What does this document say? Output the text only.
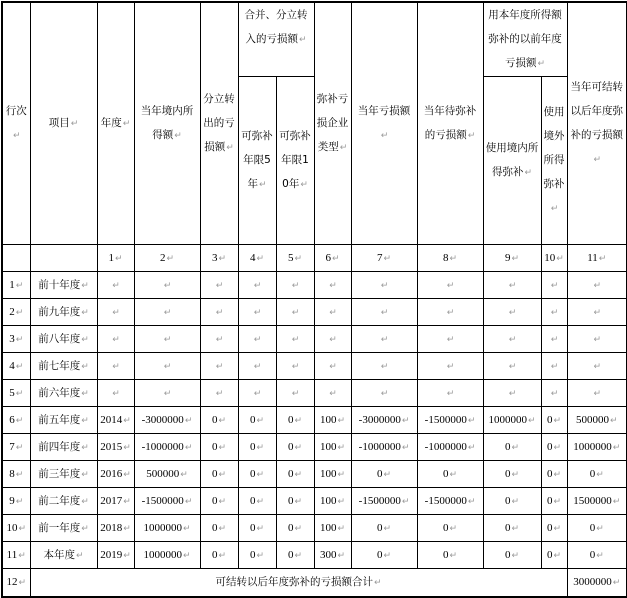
行次↵	项目↵	年度↵	当年境内所得额↵	分立转出的亏损额↵	合并、分立转入的亏损额↵		弥补亏损企业类型↵	当年亏损额↵	当年待弥补的亏损额↵	用本年度所得额弥补的以前年度亏损额↵		当年可结转以后年度弥补的亏损额↵
					可弥补年限5年↵	可弥补年限10年↵				使用境内所得弥补↵	使用境外所得弥补↵	
		1↵	2↵	3↵	4↵	5↵	6↵	7↵	8↵	9↵	10↵	11↵
1↵	前十年度↵	↵	↵	↵	↵	↵	↵	↵	↵	↵	↵	↵
2↵	前九年度↵	↵	↵	↵	↵	↵	↵	↵	↵	↵	↵	↵
3↵	前八年度↵	↵	↵	↵	↵	↵	↵	↵	↵	↵	↵	↵
4↵	前七年度↵	↵	↵	↵	↵	↵	↵	↵	↵	↵	↵	↵
5↵	前六年度↵	↵	↵	↵	↵	↵	↵	↵	↵	↵	↵	↵
6↵	前五年度↵	2014↵	-3000000↵	0↵	0↵	0↵	100↵	-3000000↵	-1500000↵	1000000↵	0↵	500000↵
7↵	前四年度↵	2015↵	-1000000↵	0↵	0↵	0↵	100↵	-1000000↵	-1000000↵	0↵	0↵	1000000↵
8↵	前三年度↵	2016↵	500000↵	0↵	0↵	0↵	100↵	0↵	0↵	0↵	0↵	0↵
9↵	前二年度↵	2017↵	-1500000↵	0↵	0↵	0↵	100↵	-1500000↵	-1500000↵	0↵	0↵	1500000↵
10↵	前一年度↵	2018↵	1000000↵	0↵	0↵	0↵	100↵	0↵	0↵	0↵	0↵	0↵
11↵	本年度↵	2019↵	1000000↵	0↵	0↵	0↵	300↵	0↵	0↵	0↵	0↵	0↵
12↵	可结转以后年度弥补的亏损额合计↵											3000000↵
